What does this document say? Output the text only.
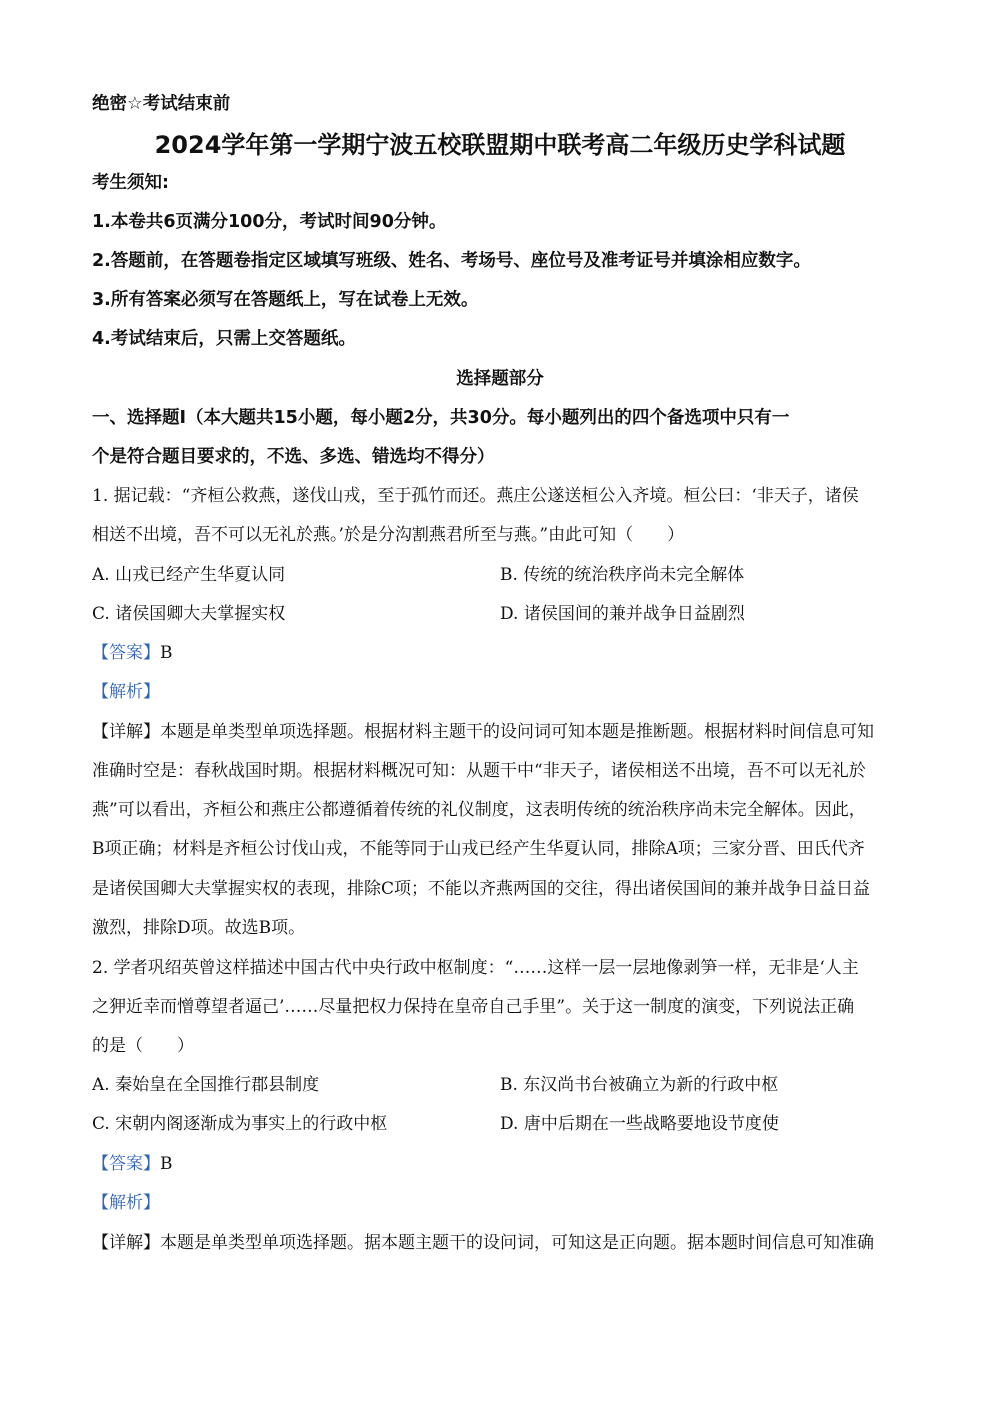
绝密☆考试结束前
2024学年第一学期宁波五校联盟期中联考高二年级历史学科试题
考生须知:
1.本卷共6页满分100分，考试时间90分钟。
2.答题前，在答题卷指定区域填写班级、姓名、考场号、座位号及准考证号并填涂相应数字。
3.所有答案必须写在答题纸上，写在试卷上无效。
4.考试结束后，只需上交答题纸。
选择题部分
一、选择题Ⅰ（本大题共15小题，每小题2分，共30分。每小题列出的四个备选项中只有一
个是符合题目要求的，不选、多选、错选均不得分）
1. 据记载：“齐桓公救燕，遂伐山戎，至于孤竹而还。燕庄公遂送桓公入齐境。桓公曰：‘非天子，诸侯
相送不出境，吾不可以无礼於燕。’於是分沟割燕君所至与燕。”由此可知（　　）
A. 山戎已经产生华夏认同	B. 传统的统治秩序尚未完全解体
C. 诸侯国卿大夫掌握实权	D. 诸侯国间的兼并战争日益剧烈
【答案】B
【解析】
【详解】本题是单类型单项选择题。根据材料主题干的设问词可知本题是推断题。根据材料时间信息可知
准确时空是：春秋战国时期。根据材料概况可知：从题干中“非天子，诸侯相送不出境，吾不可以无礼於
燕”可以看出，齐桓公和燕庄公都遵循着传统的礼仪制度，这表明传统的统治秩序尚未完全解体。因此，
B项正确；材料是齐桓公讨伐山戎，不能等同于山戎已经产生华夏认同，排除A项；三家分晋、田氏代齐
是诸侯国卿大夫掌握实权的表现，排除C项；不能以齐燕两国的交往，得出诸侯国间的兼并战争日益日益
激烈，排除D项。故选B项。
2. 学者巩绍英曾这样描述中国古代中央行政中枢制度：“……这样一层一层地像剥笋一样，无非是‘人主
之狎近幸而憎尊望者逼己’……尽量把权力保持在皇帝自己手里”。关于这一制度的演变，下列说法正确
的是（　　）
A. 秦始皇在全国推行郡县制度	B. 东汉尚书台被确立为新的行政中枢
C. 宋朝内阁逐渐成为事实上的行政中枢	D. 唐中后期在一些战略要地设节度使
【答案】B
【解析】
【详解】本题是单类型单项选择题。据本题主题干的设问词，可知这是正向题。据本题时间信息可知准确
